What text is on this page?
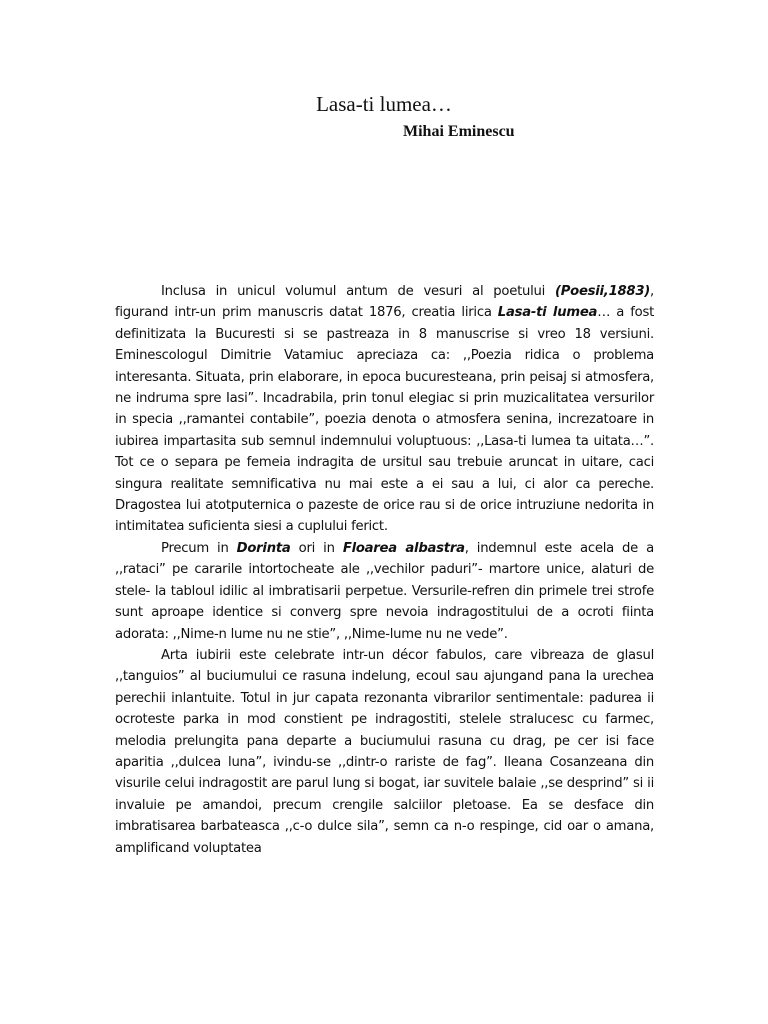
Lasa-ti lumea…
Mihai Eminescu

Inclusa in unicul volumul antum de vesuri al poetului (Poesii,1883), figurand intr-un prim manuscris datat 1876, creatia lirica Lasa-ti lumea… a fost definitizata la Bucuresti si se pastreaza in 8 manuscrise si vreo 18 versiuni. Eminescologul Dimitrie Vatamiuc apreciaza ca: ,,Poezia ridica o problema interesanta. Situata, prin elaborare, in epoca bucuresteana, prin peisaj si atmosfera, ne indruma spre Iasi”. Incadrabila, prin tonul elegiac si prin muzicalitatea versurilor in specia ,,ramantei contabile”, poezia denota o atmosfera senina, increzatoare in iubirea impartasita sub semnul indemnului voluptuous: ,,Lasa-ti lumea ta uitata…”. Tot ce o separa pe femeia indragita de ursitul sau trebuie aruncat in uitare, caci singura realitate semnificativa nu mai este a ei sau a lui, ci alor ca pereche. Dragostea lui atotputernica o pazeste de orice rau si de orice intruziune nedorita in intimitatea suficienta siesi a cuplului ferict.

Precum in Dorinta ori in Floarea albastra, indemnul este acela de a ,,rataci” pe cararile intortocheate ale ,,vechilor paduri”- martore unice, alaturi de stele- la tabloul idilic al imbratisarii perpetue. Versurile-refren din primele trei strofe sunt aproape identice si converg spre nevoia indragostitului de a ocroti fiinta adorata: ,,Nime-n lume nu ne stie”, ,,Nime-lume nu ne vede”.

Arta iubirii este celebrate intr-un décor fabulos, care vibreaza de glasul ,,tanguios” al buciumului ce rasuna indelung, ecoul sau ajungand pana la urechea perechii inlantuite. Totul in jur capata rezonanta vibrarilor sentimentale: padurea ii ocroteste parka in mod constient pe indragostiti, stelele stralucesc cu farmec, melodia prelungita pana departe a buciumului rasuna cu drag, pe cer isi face aparitia ,,dulcea luna”, ivindu-se ,,dintr-o rariste de fag”. Ileana Cosanzeana din visurile celui indragostit are parul lung si bogat, iar suvitele balaie ,,se desprind” si ii invaluie pe amandoi, precum crengile salciilor pletoase. Ea se desface din imbratisarea barbateasca ,,c-o dulce sila”, semn ca n-o respinge, cid oar o amana, amplificand voluptatea
